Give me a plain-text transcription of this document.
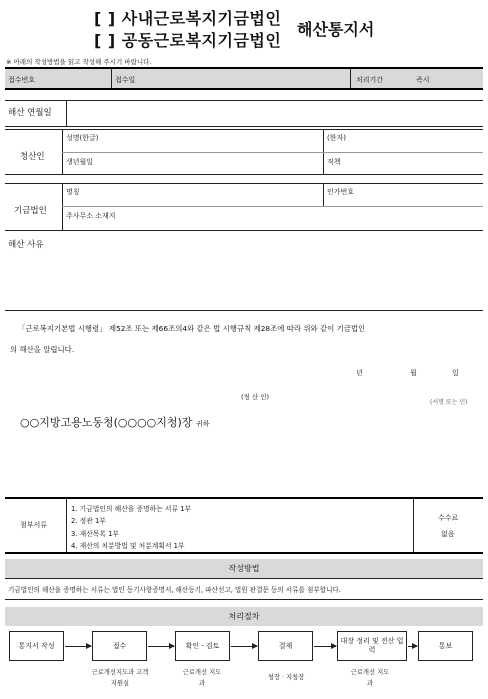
[ ] 사내근로복지기금법인
[ ] 공동근로복지기금법인
해산통지서
※ 아래의 작성방법을 읽고 작성해 주시기 바랍니다.
접수번호	접수일	처리기간	즉시
해산 연월일
청산인
성명(한글)	(한자)
생년월일	직책
기금법인
명칭	인가번호
주사무소 소재지
해산 사유
「근로복지기본법 시행령」 제52조 또는 제66조의4와 같은 법 시행규칙 제28조에 따라 위와 같이 기금법인
의 해산을 알립니다.
년	월	일
(청 산 인)
(서명 또는 인)
○○지방고용노동청(○○○○지청)장 귀하
첨부서류
1. 기금법인의 해산을 증명하는 서류 1부
2. 정관 1부
3. 재산목록 1부
4. 재산의 처분방법 및 처분계획서 1부
수수료
없음
작성방법
기금법인의 해산을 증명하는 서류는 법인 등기사항증명서, 해산등기, 파산선고, 법원 판결문 등의 서류를 첨부합니다.
처리절차
통지서 작성	접수	확인 · 검토	결재
대장 정리 및 전산 입력
통보
근로개선지도과 고객지원실
근로개선 지도과
청장 · 지청장
근로개선 지도과
